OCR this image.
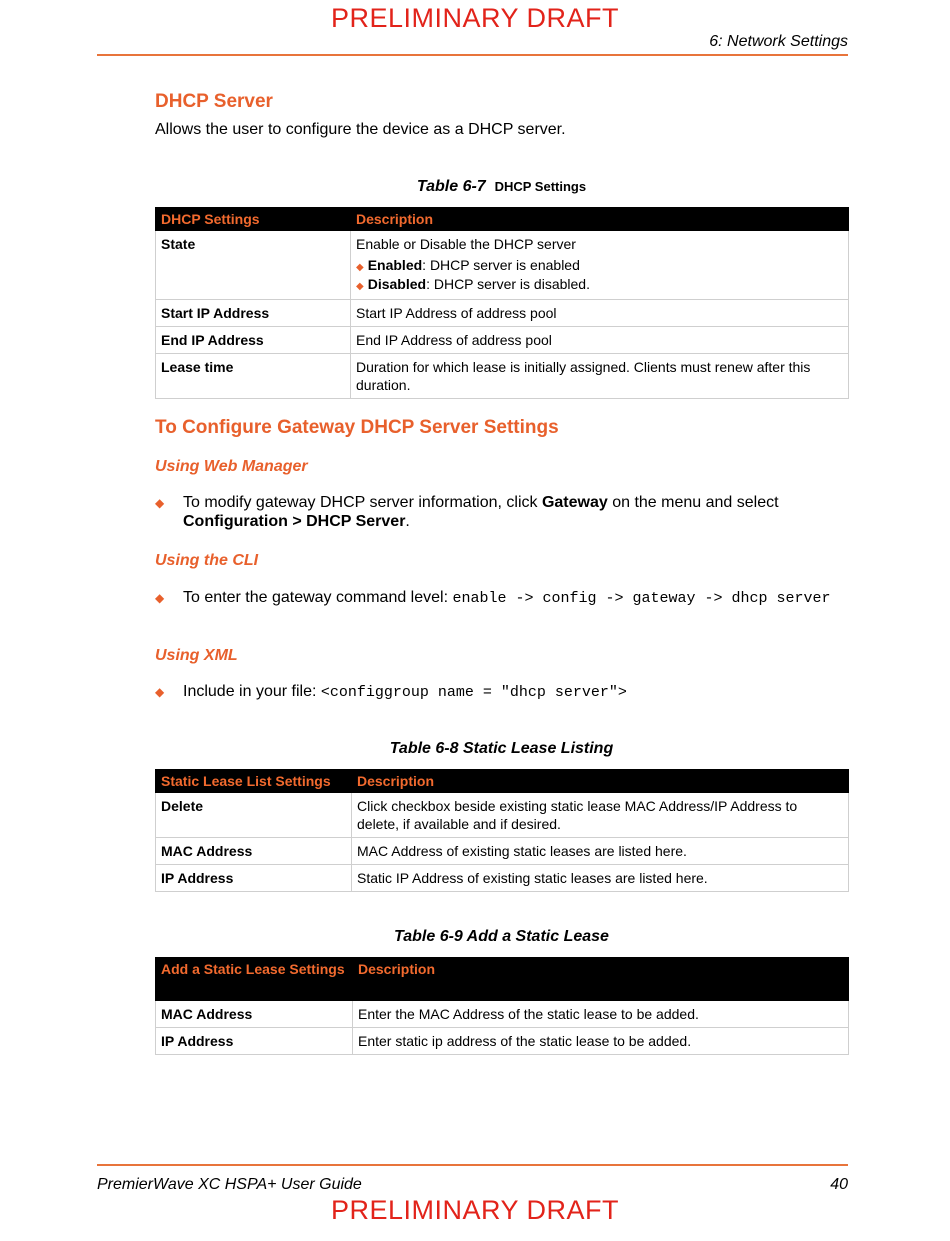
PRELIMINARY DRAFT
6: Network Settings
DHCP Server
Allows the user to configure the device as a DHCP server.
Table 6-7 DHCP Settings
DHCP Settings	Description
State	Enable or Disable the DHCP server
◆ Enabled: DHCP server is enabled
◆ Disabled: DHCP server is disabled.

Start IP Address	Start IP Address of address pool
End IP Address	End IP Address of address pool
Lease time	Duration for which lease is initially assigned. Clients must renew after this duration.
To Configure Gateway DHCP Server Settings
Using Web Manager
◆ To modify gateway DHCP server information, click Gateway on the menu and select Configuration > DHCP Server.
Using the CLI
◆ To enter the gateway command level: enable -> config -> gateway -> dhcp server
Using XML
◆ Include in your file: <configgroup name = "dhcp server">
Table 6-8 Static Lease Listing
Static Lease List Settings	Description
Delete	Click checkbox beside existing static lease MAC Address/IP Address to delete, if available and if desired.
MAC Address	MAC Address of existing static leases are listed here.
IP Address	Static IP Address of existing static leases are listed here.
Table 6-9 Add a Static Lease
Add a Static Lease Settings	Description
MAC Address	Enter the MAC Address of the static lease to be added.
IP Address	Enter static ip address of the static lease to be added.
PremierWave XC HSPA+ User Guide	40
PRELIMINARY DRAFT
